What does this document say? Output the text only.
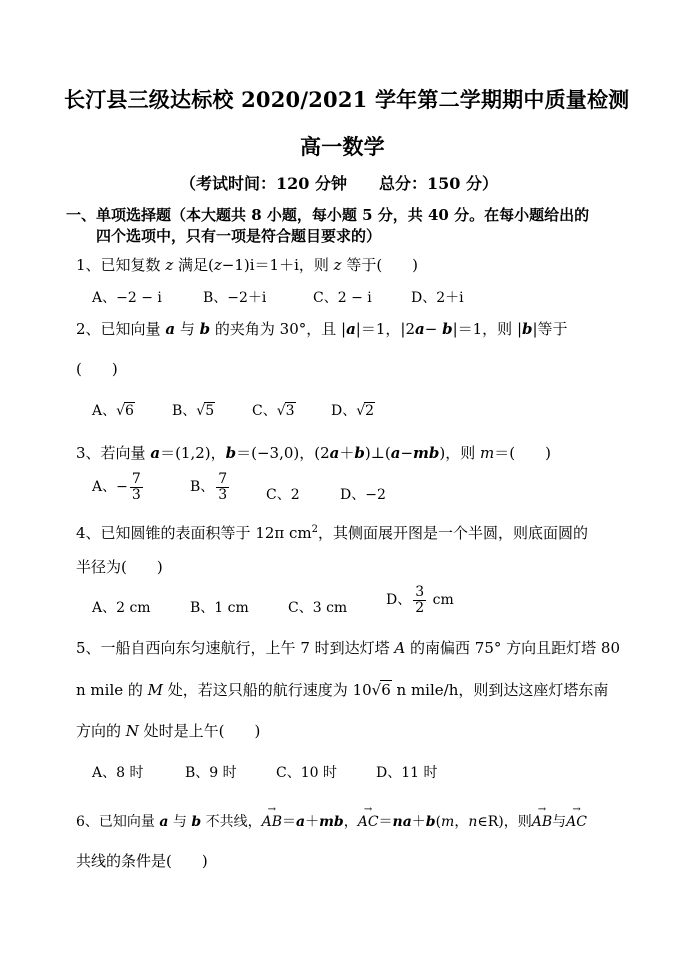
长汀县三级达标校 2020/2021 学年第二学期期中质量检测
高一数学
（考试时间：120 分钟　　总分：150 分）
一、单项选择题（本大题共 8 小题，每小题 5 分，共 40 分。在每小题给出的
四个选项中，只有一项是符合题目要求的）
1、已知复数 z 满足(z−1)i＝1＋i，则 z 等于(　　)
A、−2 − i	B、−2＋i	C、2 − i	D、2＋i
2、已知向量 a 与 b 的夹角为 30°，且 |a|＝1，|2a− b|＝1，则 |b|等于
(　　)
A、√6	B、√5	C、√3	D、√2
3、若向量 a＝(1,2)，b＝(−3,0)，(2a＋b)⊥(a−mb)，则 m＝(　　)
A、− $\frac{7}{3}$	B、 $\frac{7}{3}$	C、2	D、−2
4、已知圆锥的表面积等于 12π $cm^2$，其侧面展开图是一个半圆，则底面圆的
半径为(　　)
A、2 cm	B、1 cm	C、3 cm	D、 $\frac{3}{2}$ cm
5、一船自西向东匀速航行，上午 7 时到达灯塔 A 的南偏西 75° 方向且距灯塔 80
n mile 的 M 处，若这只船的航行速度为 10√6 n mile/h，则到达这座灯塔东南
方向的 N 处时是上午(　　)
A、8 时	B、9 时	C、10 时	D、11 时
6、已知向量 a 与 b 不共线，
→
AB＝a＋mb，
→
AC＝na＋b(m，n∈R)，则
→
AB与
→
AC
共线的条件是(　　)
